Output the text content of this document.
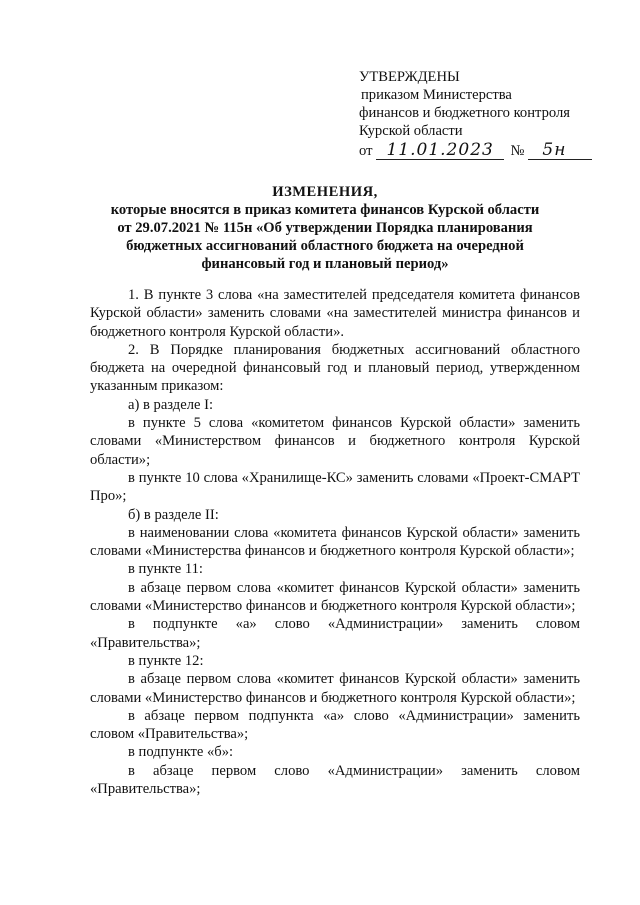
УТВЕРЖДЕНЫ
приказом Министерства
финансов и бюджетного контроля
Курской области
от 11.01.2023	№	5н
ИЗМЕНЕНИЯ,
которые вносятся в приказ комитета финансов Курской области
от 29.07.2021 № 115н «Об утверждении Порядка планирования
бюджетных ассигнований областного бюджета на очередной
финансовый год и плановый период»

1. В пункте 3 слова «на заместителей председателя комитета финансов Курской области» заменить словами «на заместителей министра финансов и бюджетного контроля Курской области».

2. В Порядке планирования бюджетных ассигнований областного бюджета на очередной финансовый год и плановый период, утвержденном указанным приказом:

а) в разделе I:

в пункте 5 слова «комитетом финансов Курской области» заменить словами «Министерством финансов и бюджетного контроля Курской области»;

в пункте 10 слова «Хранилище-КС» заменить словами «Проект-СМАРТ Про»;

б) в разделе II:

в наименовании слова «комитета финансов Курской области» заменить словами «Министерства финансов и бюджетного контроля Курской области»;

в пункте 11:

в абзаце первом слова «комитет финансов Курской области» заменить словами «Министерство финансов и бюджетного контроля Курской области»;

в подпункте «а» слово «Администрации» заменить словом «Правительства»;

в пункте 12:

в абзаце первом слова «комитет финансов Курской области» заменить словами «Министерство финансов и бюджетного контроля Курской области»;

в абзаце первом подпункта «а» слово «Администрации» заменить словом «Правительства»;

в подпункте «б»:

в абзаце первом слово «Администрации» заменить словом «Правительства»;
